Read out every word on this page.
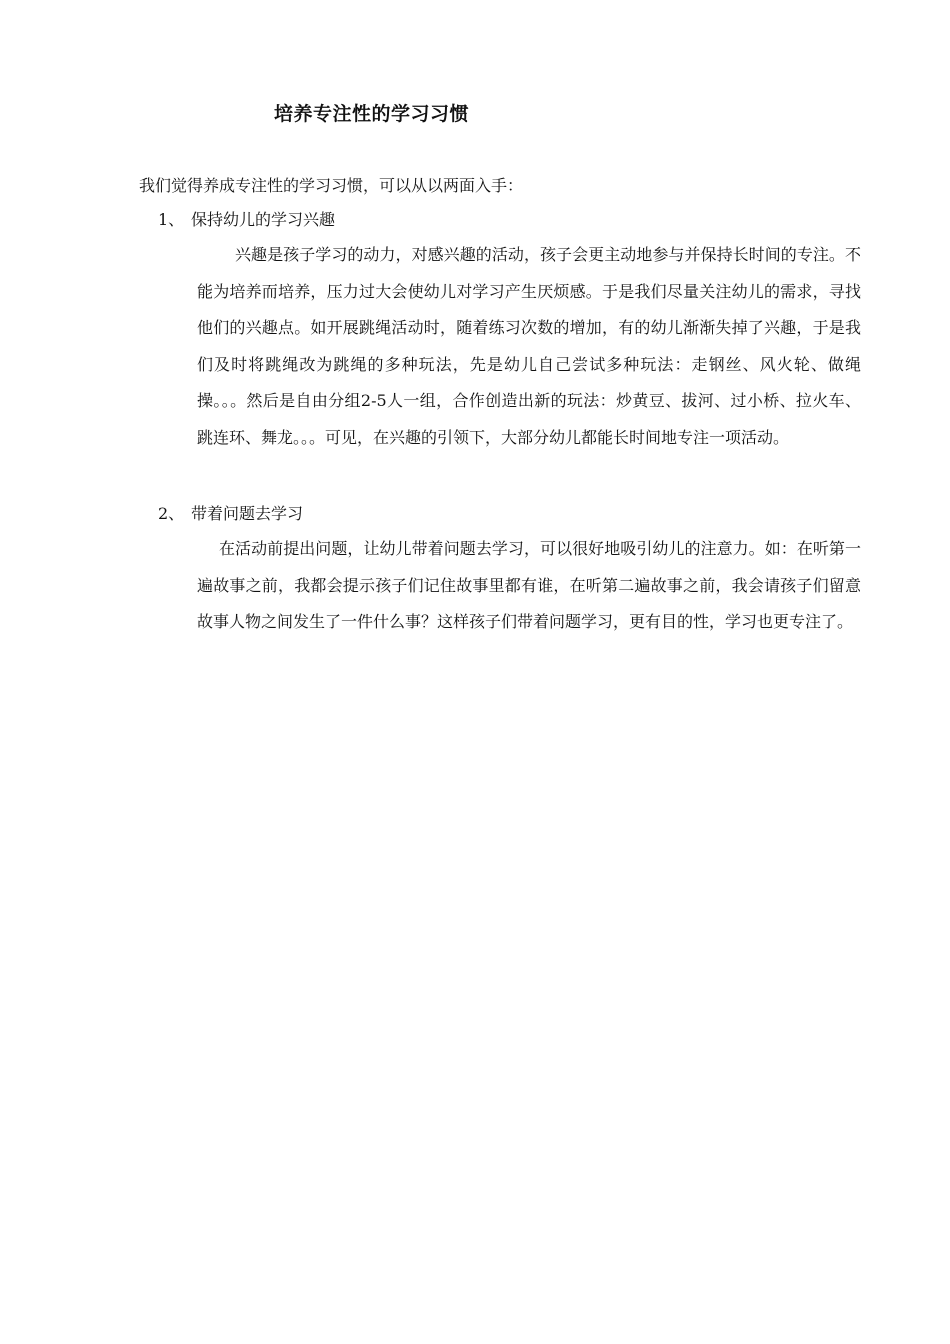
培养专注性的学习习惯
我们觉得养成专注性的学习习惯，可以从以两面入手：
1、 保持幼儿的学习兴趣
兴趣是孩子学习的动力，对感兴趣的活动，孩子会更主动地参与并保持长时间的专注。不能为培养而培养，压力过大会使幼儿对学习产生厌烦感。于是我们尽量关注幼儿的需求，寻找他们的兴趣点。如开展跳绳活动时，随着练习次数的增加，有的幼儿渐渐失掉了兴趣，于是我们及时将跳绳改为跳绳的多种玩法，先是幼儿自己尝试多种玩法：走钢丝、风火轮、做绳操。。。然后是自由分组2-5人一组，合作创造出新的玩法：炒黄豆、拔河、过小桥、拉火车、跳连环、舞龙。。。可见，在兴趣的引领下，大部分幼儿都能长时间地专注一项活动。
2、 带着问题去学习
在活动前提出问题，让幼儿带着问题去学习，可以很好地吸引幼儿的注意力。如：在听第一遍故事之前，我都会提示孩子们记住故事里都有谁，在听第二遍故事之前，我会请孩子们留意故事人物之间发生了一件什么事？这样孩子们带着问题学习，更有目的性，学习也更专注了。
